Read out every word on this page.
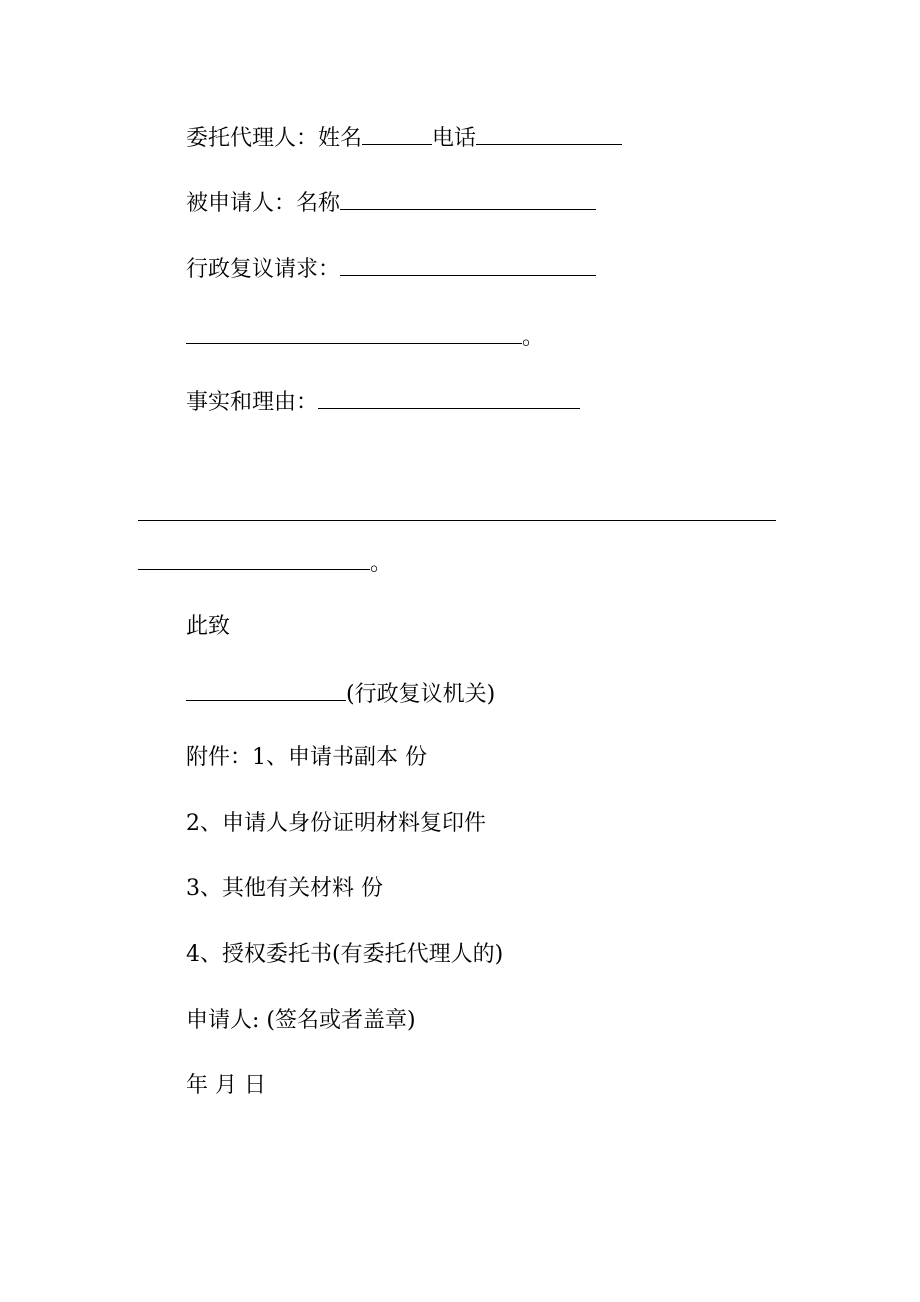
委托代理人：姓名	电话
被申请人：名称
行政复议请求：
。
事实和理由：
。
此致
(行政复议机关)
附件：1、申请书副本 份
2、申请人身份证明材料复印件
3、其他有关材料 份
4、授权委托书(有委托代理人的)
申请人: (签名或者盖章)
年 月 日
